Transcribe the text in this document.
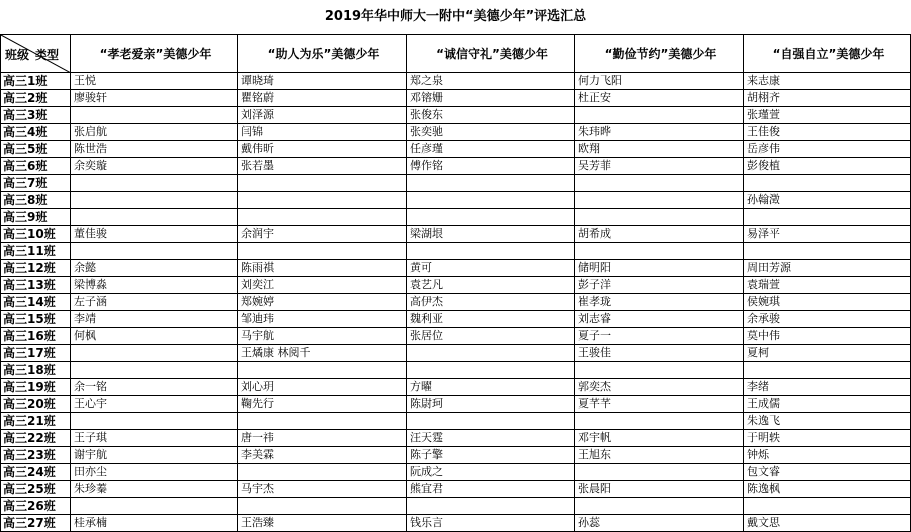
2019年华中师大一附中“美德少年”评选汇总
班级 类型	“孝老爱亲”美德少年	“助人为乐”美德少年	“诚信守礼”美德少年	“勤俭节约”美德少年	“自强自立”美德少年
高三1班	王悦	谭晓琦	郑之泉	何力飞阳	来志康
高三2班	廖骏轩	瞿铭蔚	邓镕姗	杜正安	胡栩齐
高三3班		刘泽源	张俊东		张瑾萱
高三4班	张启航	闫锦	张奕驰	朱玮晔	王佳俊
高三5班	陈世浩	戴伟昕	任彦瑾	欧翔	岳彦伟
高三6班	余奕璇	张若墨	傅作铭	吴芳菲	彭俊植
高三7班					
高三8班					孙翰澂
高三9班					
高三10班	董佳骏	余润宇	梁湖垠	胡希成	易泽平
高三11班					
高三12班	余懿	陈雨祺	黄可	储明阳	周田芳源
高三13班	梁博淼	刘奕江	袁艺凡	彭子洋	袁瑞萱
高三14班	左子涵	郑婉婷	高伊杰	崔孝珑	侯婉琪
高三15班	李靖	邹迪玮	魏利亚	刘志睿	余承骏
高三16班	何枫	马宇航	张居位	夏子一	莫中伟
高三17班		王燏康 林阅千		王骏佳	夏柯
高三18班					
高三19班	余一铭	刘心玥	方曜	郭奕杰	李绪
高三20班	王心宇	鞠先行	陈尉珂	夏芊芊	王成儒
高三21班					朱逸飞
高三22班	王子琪	唐一祎	汪天霆	邓宇帆	于明轶
高三23班	谢宇航	李美霖	陈子擎	王旭东	钟烁
高三24班	田亦尘		阮成之		包文睿
高三25班	朱珍蓁	马宇杰	熊宜君	张晨阳	陈逸枫
高三26班					
高三27班	桂承楠	王浩臻	钱乐言	孙蕊	戴文思
